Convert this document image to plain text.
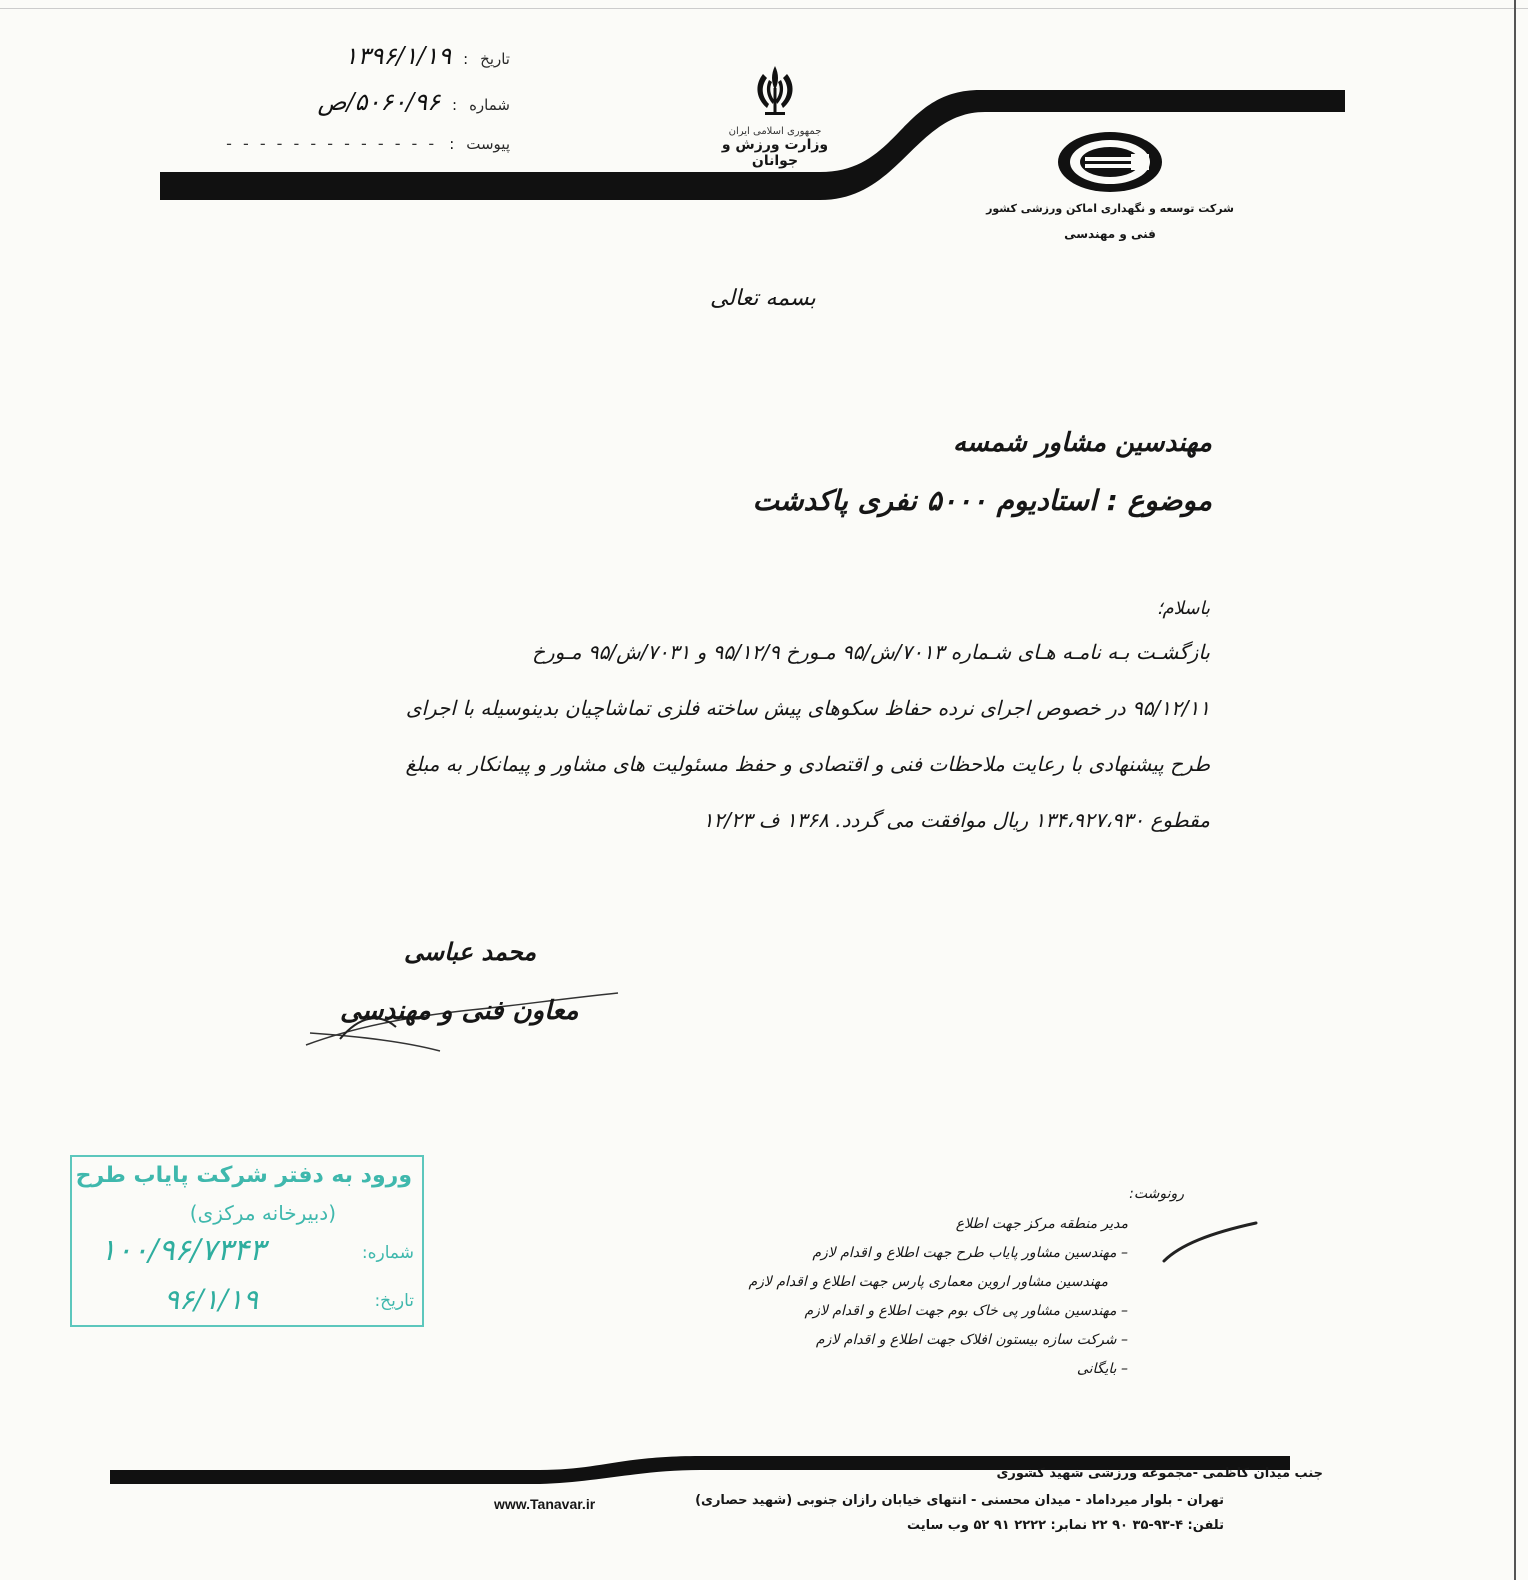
تاریخ
:
۱۳۹۶/۱/۱۹
شماره
:
۵۰۶۰/۹۶/ص
پیوست
:
- - - - - - - - - - - - -
جمهوری اسلامی ایران
وزارت ورزش و جوانان
شرکت توسعه و نگهداری اماکن ورزشی کشور
فنی و مهندسی
بسمه تعالی
مهندسین مشاور شمسه
موضوع : استادیوم ۵۰۰۰ نفری پاکدشت
باسلام؛
بازگشـت بـه نامـه هـای شـماره ۷۰۱۳/ش/۹۵ مـورخ ۹۵/۱۲/۹ و ۷۰۳۱/ش/۹۵ مـورخ
۹۵/۱۲/۱۱ در خصوص اجرای نرده حفاظ سکوهای پیش ساخته فلزی تماشاچیان بدینوسیله با اجرای
طرح پیشنهادی با رعایت ملاحظات فنی و اقتصادی و حفظ مسئولیت های مشاور و پیمانکار به مبلغ
مقطوع ۱۳۴،۹۲۷،۹۳۰ ریال موافقت می گردد. ۱۳۶۸ ف ۱۲/۲۳
محمد عباسی
معاون فنی و مهندسی
ورود به دفتر شرکت پایاب طرح
(دبیرخانه مرکزی)
شماره:
۱۰۰/۹۶/۷۳۴۳
تاریخ:
۹۶/۱/۱۹
رونوشت:
مدیر منطقه مرکز جهت اطلاع
– مهندسین مشاور پایاب طرح جهت اطلاع و اقدام لازم
مهندسین مشاور اروین معماری پارس جهت اطلاع و اقدام لازم
– مهندسین مشاور پی خاک بوم جهت اطلاع و اقدام لازم
– شرکت سازه بیستون افلاک جهت اطلاع و اقدام لازم
– بایگانی
جنب میدان کاظمی -مجموعه ورزشی شهید کشوری
تهران - بلوار میرداماد - میدان محسنی - انتهای خیابان رازان جنوبی (شهید حصاری)
تلفن: ۴-۹۳-۳۵ ۹۰ ۲۲ نمابر: ۲۲۲۲ ۹۱ ۵۲ وب سایت
www.Tanavar.ir
